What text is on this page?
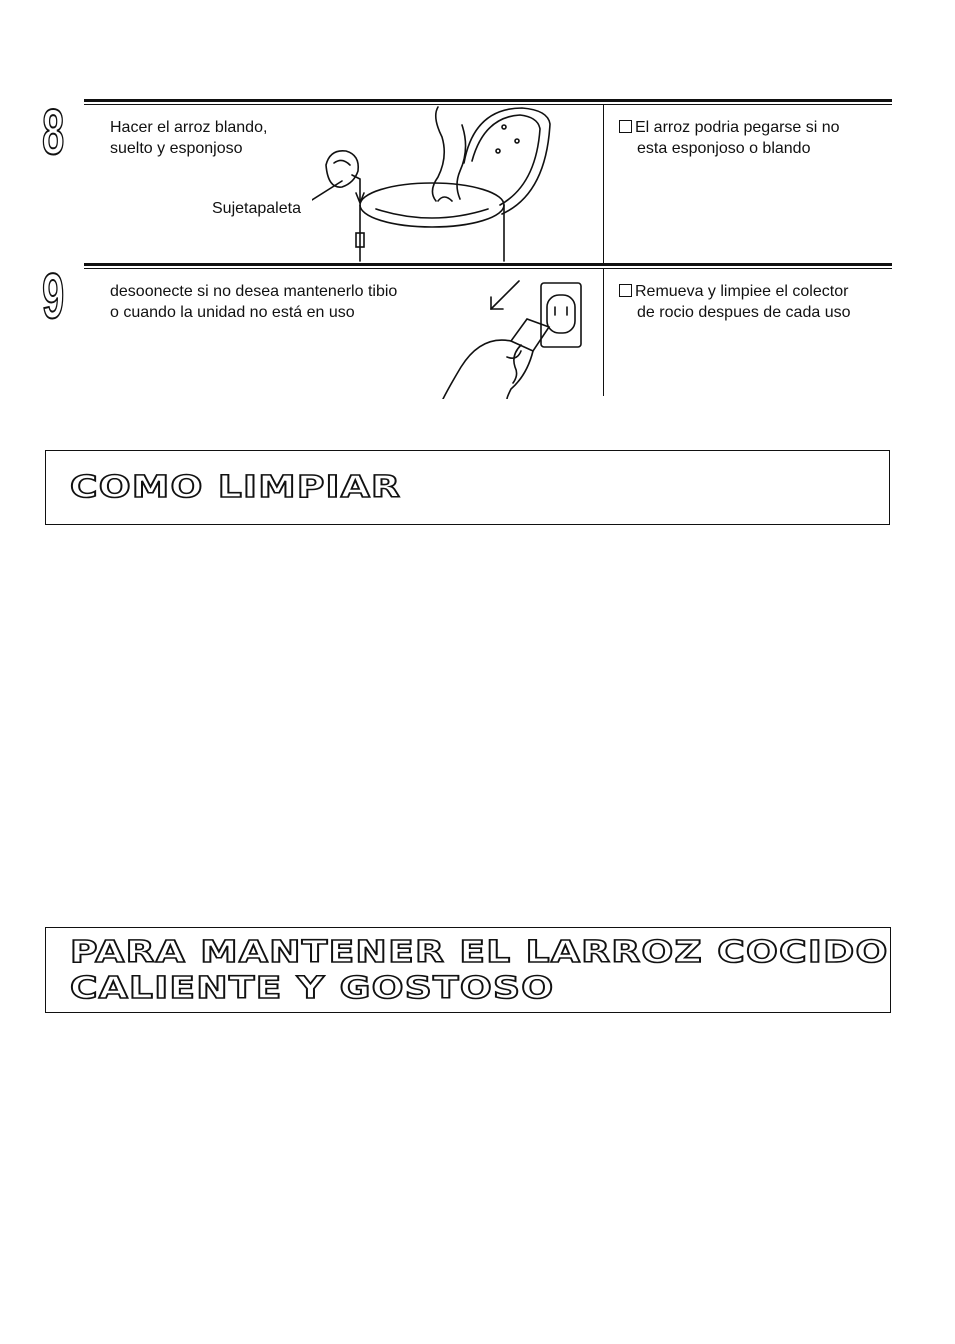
8	Hacer el arroz blando,
suelto y esponjoso
Sujetapaleta
El arroz podria pegarse si no
esta esponjoso o blando
9	desoonecte si no desea mantenerlo tibio
o cuando la unidad no está en uso
Remueva y limpiee el colector
de rocio despues de cada uso
COMO LIMPIAR
PARA MANTENER EL LARROZ COCIDO
CALIENTE Y GOSTOSO
